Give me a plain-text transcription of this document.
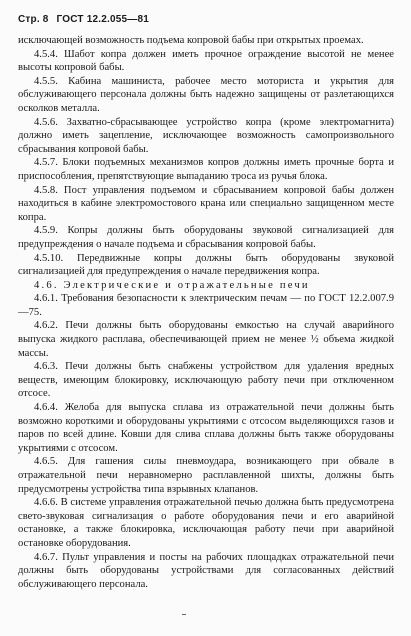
Стр. 8 ГОСТ 12.2.055—81

исключающей возможность подъема копровой бабы при открытых проемах.

4.5.4. Шабот копра должен иметь прочное ограждение высотой не менее высоты копровой бабы.

4.5.5. Кабина машиниста, рабочее место моториста и укрытия для обслуживающего персонала должны быть надежно защищены от разлетающихся осколков металла.

4.5.6. Захватно-сбрасывающее устройство копра (кроме электромагнита) должно иметь зацепление, исключающее возможность самопроизвольного сбрасывания копровой бабы.

4.5.7. Блоки подъемных механизмов копров должны иметь прочные борта и приспособления, препятствующие выпаданию троса из ручья блока.

4.5.8. Пост управления подъемом и сбрасыванием копровой бабы должен находиться в кабине электромостового крана или специально защищенном месте копра.

4.5.9. Копры должны быть оборудованы звуковой сигнализацией для предупреждения о начале подъема и сбрасывания копровой бабы.

4.5.10. Передвижные копры должны быть оборудованы звуковой сигнализацией для предупреждения о начале передвижения копра.

4.6. Электрические и отражательные печи

4.6.1. Требования безопасности к электрическим печам — по ГОСТ 12.2.007.9—75.

4.6.2. Печи должны быть оборудованы емкостью на случай аварийного выпуска жидкого расплава, обеспечивающей прием не менее ½ объема жидкой массы.

4.6.3. Печи должны быть снабжены устройством для удаления вредных веществ, имеющим блокировку, исключающую работу печи при отключенном отсосе.

4.6.4. Желоба для выпуска сплава из отражательной печи должны быть возможно короткими и оборудованы укрытиями с отсосом выделяющихся газов и паров по всей длине. Ковши для слива сплава должны быть также оборудованы укрытиями с отсосом.

4.6.5. Для гашения силы пневмоудара, возникающего при обвале в отражательной печи неравномерно расплавленной шихты, должны быть предусмотрены устройства типа взрывных клапанов.

4.6.6. В системе управления отражательной печью должна быть предусмотрена свето-звуковая сигнализация о работе оборудования печи и его аварийной остановке, а также блокировка, исключающая работу печи при аварийной остановке оборудования.

4.6.7. Пульт управления и посты на рабочих площадках отражательной печи должны быть оборудованы устройствами для согласованных действий обслуживающего персонала.
